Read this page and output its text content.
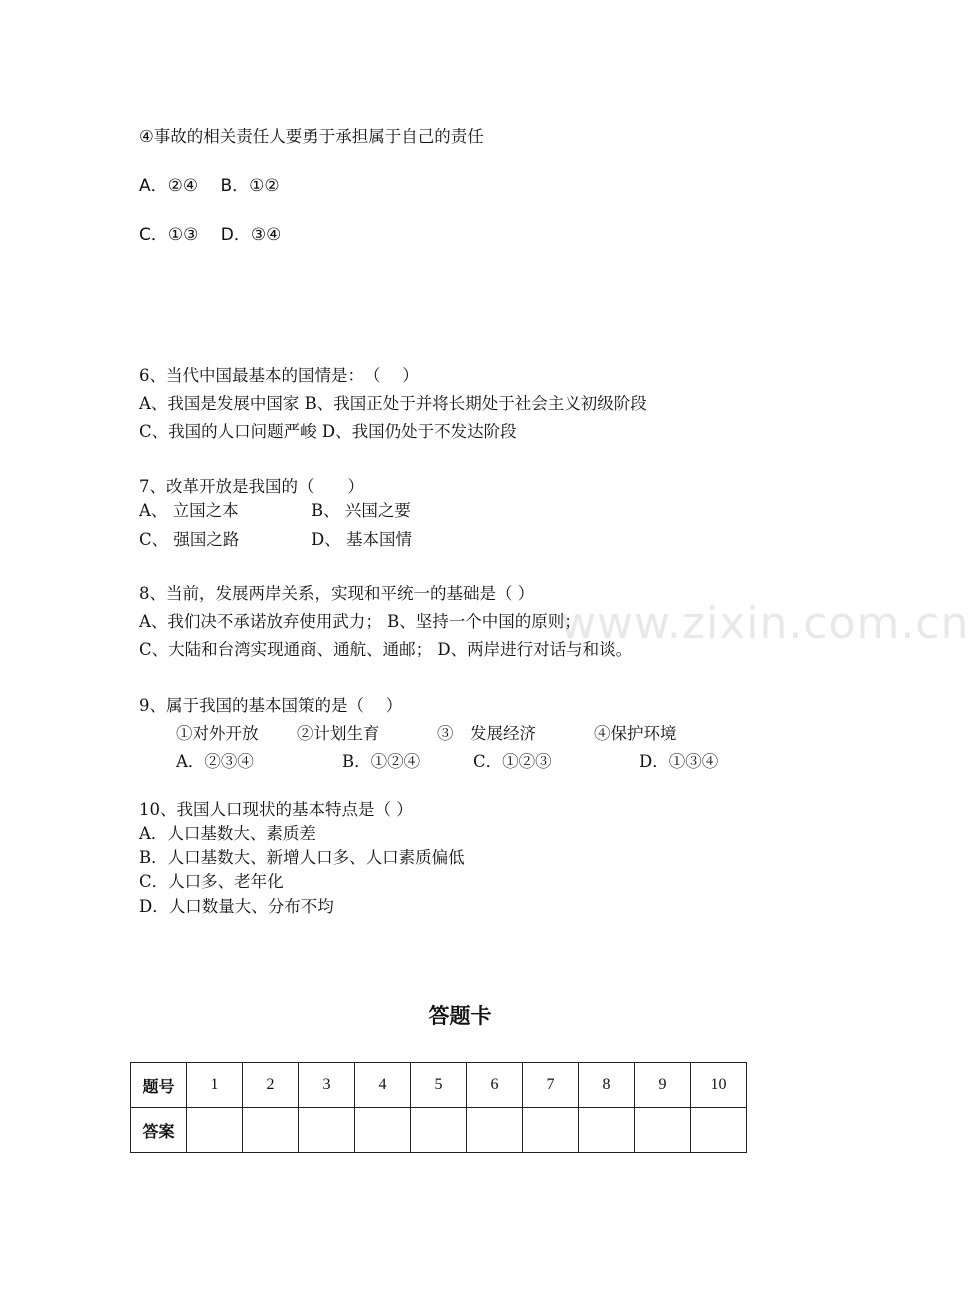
④事故的相关责任人要勇于承担属于自己的责任
A．②④　 B．①②
C．①③　 D．③④
6、当代中国最基本的国情是：　（　 ）
A、我国是发展中国家 B、我国正处于并将长期处于社会主义初级阶段
C、我国的人口问题严峻 D、我国仍处于不发达阶段
7、改革开放是我国的（　　）
A、 立国之本	B、 兴国之要
C、 强国之路	D、 基本国情
www.zixin.com.cn
8、当前，发展两岸关系，实现和平统一的基础是（ ）
A、我们决不承诺放弃使用武力； B、坚持一个中国的原则；
C、大陆和台湾实现通商、通航、通邮； D、两岸进行对话与和谈。
9、属于我国的基本国策的是（　 ）
①对外开放 ②计划生育	③　发展经济	④保护环境
A．②③④	B．①②④	C．①②③	D．①③④
10、我国人口现状的基本特点是（ ）
A．人口基数大、素质差
B．人口基数大、新增人口多、人口素质偏低
C．人口多、老年化
D．人口数量大、分布不均
答题卡
题号	1	2	3	4	5	6	7	8	9	10
答案										
